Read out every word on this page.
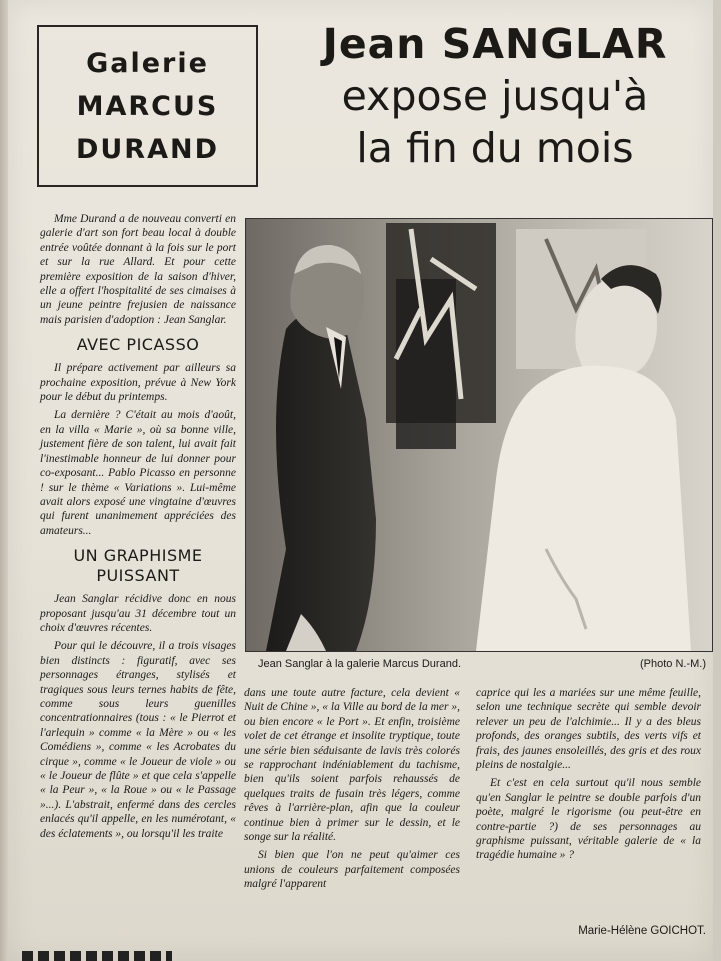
Galerie
MARCUS
DURAND
Jean SANGLAR
expose jusqu'à
la fin du mois

Mme Durand a de nouveau converti en galerie d'art son fort beau local à double entrée voûtée donnant à la fois sur le port et sur la rue Allard. Et pour cette première exposition de la saison d'hiver, elle a offert l'hospitalité de ses cimaises à un jeune peintre frejusien de naissance mais parisien d'adoption : Jean Sanglar.

AVEC PICASSO

Il prépare activement par ailleurs sa prochaine exposition, prévue à New York pour le début du printemps.

La dernière ? C'était au mois d'août, en la villa « Marie », où sa bonne ville, justement fière de son talent, lui avait fait l'inestimable honneur de lui donner pour co-exposant... Pablo Picasso en personne ! sur le thème « Variations ». Lui-même avait alors exposé une vingtaine d'œuvres qui furent unanimement appréciées des amateurs...

UN GRAPHISME
PUISSANT

Jean Sanglar récidive donc en nous proposant jusqu'au 31 décembre tout un choix d'œuvres récentes.

Pour qui le découvre, il a trois visages bien distincts : figuratif, avec ses personnages étranges, stylisés et tragiques sous leurs ternes habits de fête, comme sous leurs guenilles concentrationnaires (tous : « le Pierrot et l'arlequin » comme « la Mère » ou « les Comédiens », comme « les Acrobates du cirque », comme « le Joueur de viole » ou « le Joueur de flûte » et que cela s'appelle « la Peur », « la Roue » ou « le Passage »...). L'abstrait, enfermé dans des cercles enlacés qu'il appelle, en les numérotant, « des éclatements », ou lorsqu'il les traite

Jean Sanglar à la galerie Marcus Durand.	(Photo N.-M.)

dans une toute autre facture, cela devient « Nuit de Chine », « la Ville au bord de la mer », ou bien encore « le Port ». Et enfin, troisième volet de cet étrange et insolite tryptique, toute une série bien séduisante de lavis très colorés se rapprochant indéniablement du tachisme, bien qu'ils soient parfois rehaussés de quelques traits de fusain très légers, comme rêves à l'arrière-plan, afin que la couleur continue bien à primer sur le dessin, et le songe sur la réalité.

Si bien que l'on ne peut qu'aimer ces unions de couleurs parfaitement composées malgré l'apparent

caprice qui les a mariées sur une même feuille, selon une technique secrète qui semble devoir relever un peu de l'alchimie... Il y a des bleus profonds, des oranges subtils, des verts vifs et frais, des jaunes ensoleillés, des gris et des roux pleins de nostalgie...

Et c'est en cela surtout qu'il nous semble qu'en Sanglar le peintre se double parfois d'un poète, malgré le rigorisme (ou peut-être en contre-partie ?) de ses personnages au graphisme puissant, véritable galerie de « la tragédie humaine » ?

Marie-Hélène GOICHOT.
